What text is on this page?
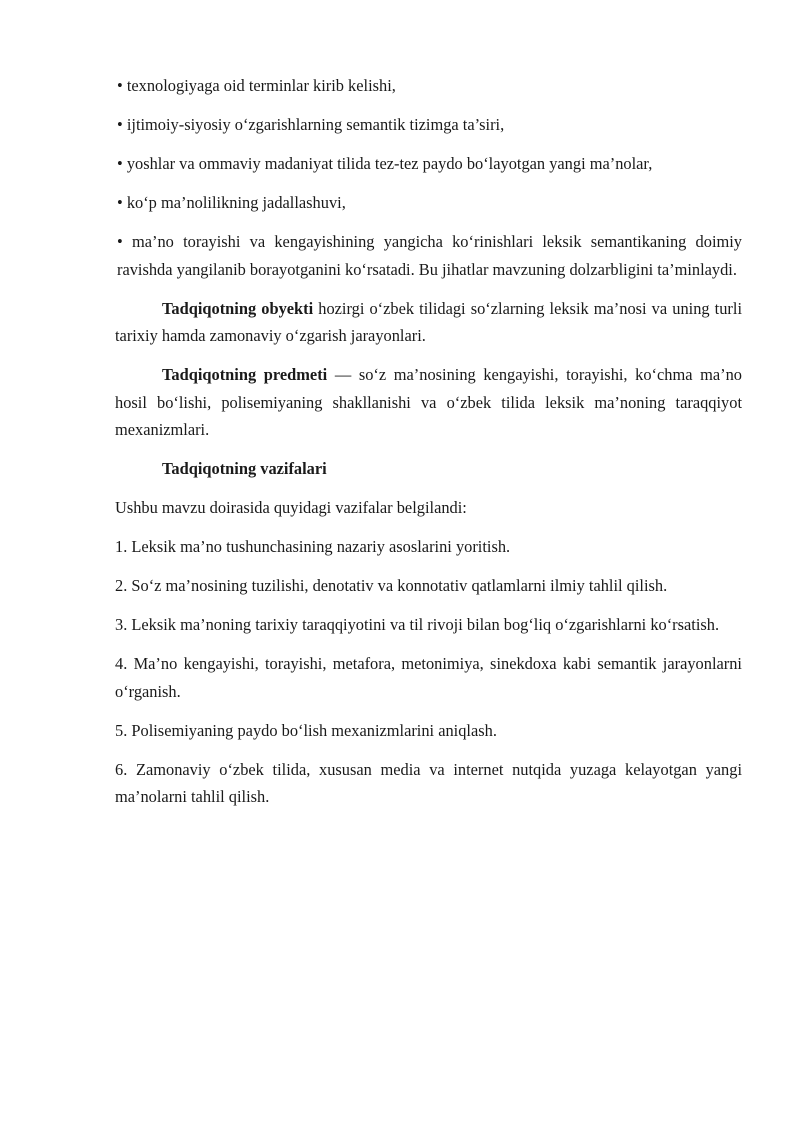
• texnologiyaga oid terminlar kirib kelishi,

• ijtimoiy-siyosiy o‘zgarishlarning semantik tizimga ta’siri,

• yoshlar va ommaviy madaniyat tilida tez-tez paydo bo‘layotgan yangi ma’nolar,

• ko‘p ma’nolilikning jadallashuvi,

• ma’no torayishi va kengayishining yangicha ko‘rinishlari leksik semantikaning doimiy ravishda yangilanib borayotganini ko‘rsatadi. Bu jihatlar mavzuning dolzarbligini ta’minlaydi.

Tadqiqotning obyekti hozirgi o‘zbek tilidagi so‘zlarning leksik ma’nosi va uning turli tarixiy hamda zamonaviy o‘zgarish jarayonlari.

Tadqiqotning predmeti — so‘z ma’nosining kengayishi, torayishi, ko‘chma ma’no hosil bo‘lishi, polisemiyaning shakllanishi va o‘zbek tilida leksik ma’noning taraqqiyot mexanizmlari.

Tadqiqotning vazifalari

Ushbu mavzu doirasida quyidagi vazifalar belgilandi:

1. Leksik ma’no tushunchasining nazariy asoslarini yoritish.

2. So‘z ma’nosining tuzilishi, denotativ va konnotativ qatlamlarni ilmiy tahlil qilish.

3. Leksik ma’noning tarixiy taraqqiyotini va til rivoji bilan bog‘liq o‘zgarishlarni ko‘rsatish.

4. Ma’no kengayishi, torayishi, metafora, metonimiya, sinekdoxa kabi semantik jarayonlarni o‘rganish.

5. Polisemiyaning paydo bo‘lish mexanizmlarini aniqlash.

6. Zamonaviy o‘zbek tilida, xususan media va internet nutqida yuzaga kelayotgan yangi ma’nolarni tahlil qilish.
